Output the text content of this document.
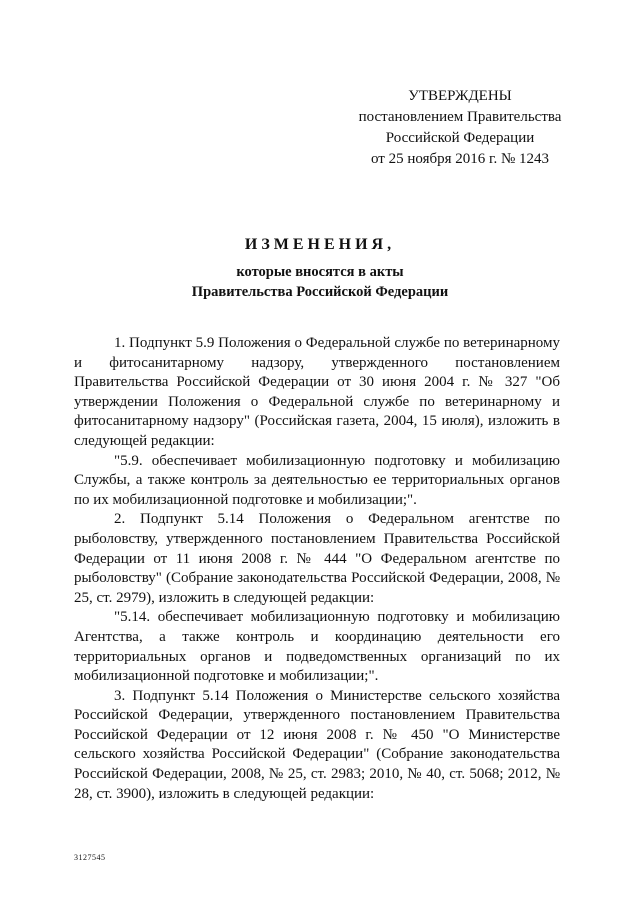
УТВЕРЖДЕНЫ
постановлением Правительства
Российской Федерации
от 25 ноября 2016 г. № 1243
ИЗМЕНЕНИЯ,
которые вносятся в акты
Правительства Российской Федерации

1. Подпункт 5.9 Положения о Федеральной службе по ветеринарному и фитосанитарному надзору, утвержденного постановлением Правительства Российской Федерации от 30 июня 2004 г. № 327 "Об утверждении Положения о Федеральной службе по ветеринарному и фитосанитарному надзору" (Российская газета, 2004, 15 июля), изложить в следующей редакции:

"5.9. обеспечивает мобилизационную подготовку и мобилизацию Службы, а также контроль за деятельностью ее территориальных органов по их мобилизационной подготовке и мобилизации;".

2. Подпункт 5.14 Положения о Федеральном агентстве по рыболовству, утвержденного постановлением Правительства Российской Федерации от 11 июня 2008 г. № 444 "О Федеральном агентстве по рыболовству" (Собрание законодательства Российской Федерации, 2008, № 25, ст. 2979), изложить в следующей редакции:

"5.14. обеспечивает мобилизационную подготовку и мобилизацию Агентства, а также контроль и координацию деятельности его территориальных органов и подведомственных организаций по их мобилизационной подготовке и мобилизации;".

3. Подпункт 5.14 Положения о Министерстве сельского хозяйства Российской Федерации, утвержденного постановлением Правительства Российской Федерации от 12 июня 2008 г. № 450 "О Министерстве сельского хозяйства Российской Федерации" (Собрание законодательства Российской Федерации, 2008, № 25, ст. 2983; 2010, № 40, ст. 5068; 2012, № 28, ст. 3900), изложить в следующей редакции:

3127545
